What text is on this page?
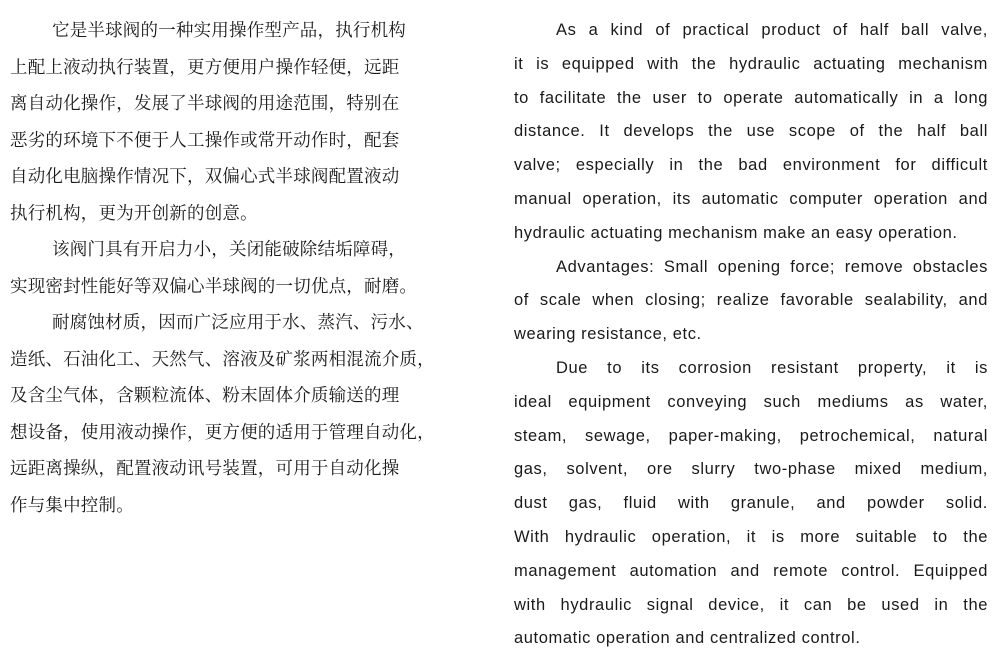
它是半球阀的一种实用操作型产品，执行机构
上配上液动执行装置，更方便用户操作轻便，远距
离自动化操作，发展了半球阀的用途范围，特别在
恶劣的环境下不便于人工操作或常开动作时，配套
自动化电脑操作情况下，双偏心式半球阀配置液动
执行机构，更为开创新的创意。
该阀门具有开启力小，关闭能破除结垢障碍，
实现密封性能好等双偏心半球阀的一切优点，耐磨。
耐腐蚀材质，因而广泛应用于水、蒸汽、污水、
造纸、石油化工、天然气、溶液及矿浆两相混流介质，
及含尘气体，含颗粒流体、粉末固体介质输送的理
想设备，使用液动操作，更方便的适用于管理自动化，
远距离操纵，配置液动讯号装置，可用于自动化操
作与集中控制。
As a kind of practical product of half ball valve,
it is equipped with the hydraulic actuating mechanism
to facilitate the user to operate automatically in a long
distance. It develops the use scope of the half ball
valve; especially in the bad environment for difficult
manual operation, its automatic computer operation and
hydraulic actuating mechanism make an easy operation.
Advantages: Small opening force; remove obstacles
of scale when closing; realize favorable sealability, and
wearing resistance, etc.
Due to its corrosion resistant property, it is
ideal equipment conveying such mediums as water,
steam, sewage, paper-making, petrochemical, natural
gas, solvent, ore slurry two-phase mixed medium,
dust gas, fluid with granule, and powder solid.
With hydraulic operation, it is more suitable to the
management automation and remote control. Equipped
with hydraulic signal device, it can be used in the
automatic operation and centralized control.
